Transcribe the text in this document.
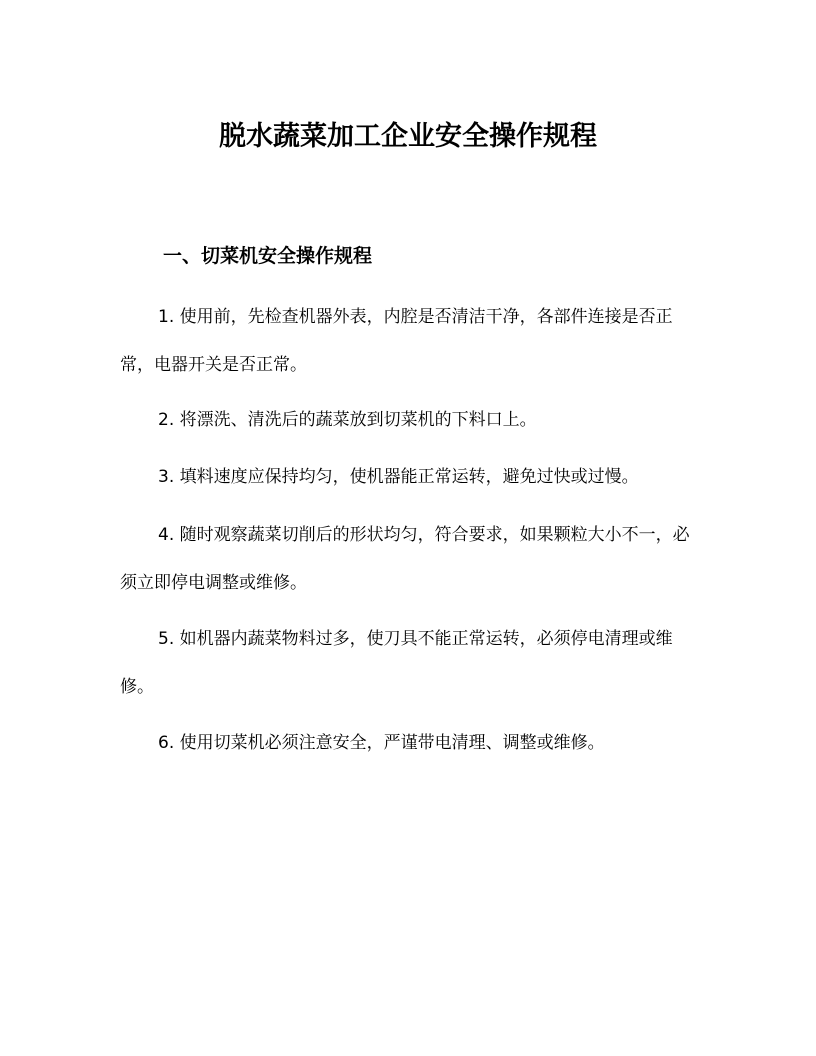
脱水蔬菜加工企业安全操作规程
一、切菜机安全操作规程
1. 使用前，先检查机器外表，内腔是否清洁干净，各部件连接是否正常，电器开关是否正常。
2. 将漂洗、清洗后的蔬菜放到切菜机的下料口上。
3. 填料速度应保持均匀，使机器能正常运转，避免过快或过慢。
4. 随时观察蔬菜切削后的形状均匀，符合要求，如果颗粒大小不一，必须立即停电调整或维修。
5. 如机器内蔬菜物料过多，使刀具不能正常运转，必须停电清理或维修。
6. 使用切菜机必须注意安全，严谨带电清理、调整或维修。
